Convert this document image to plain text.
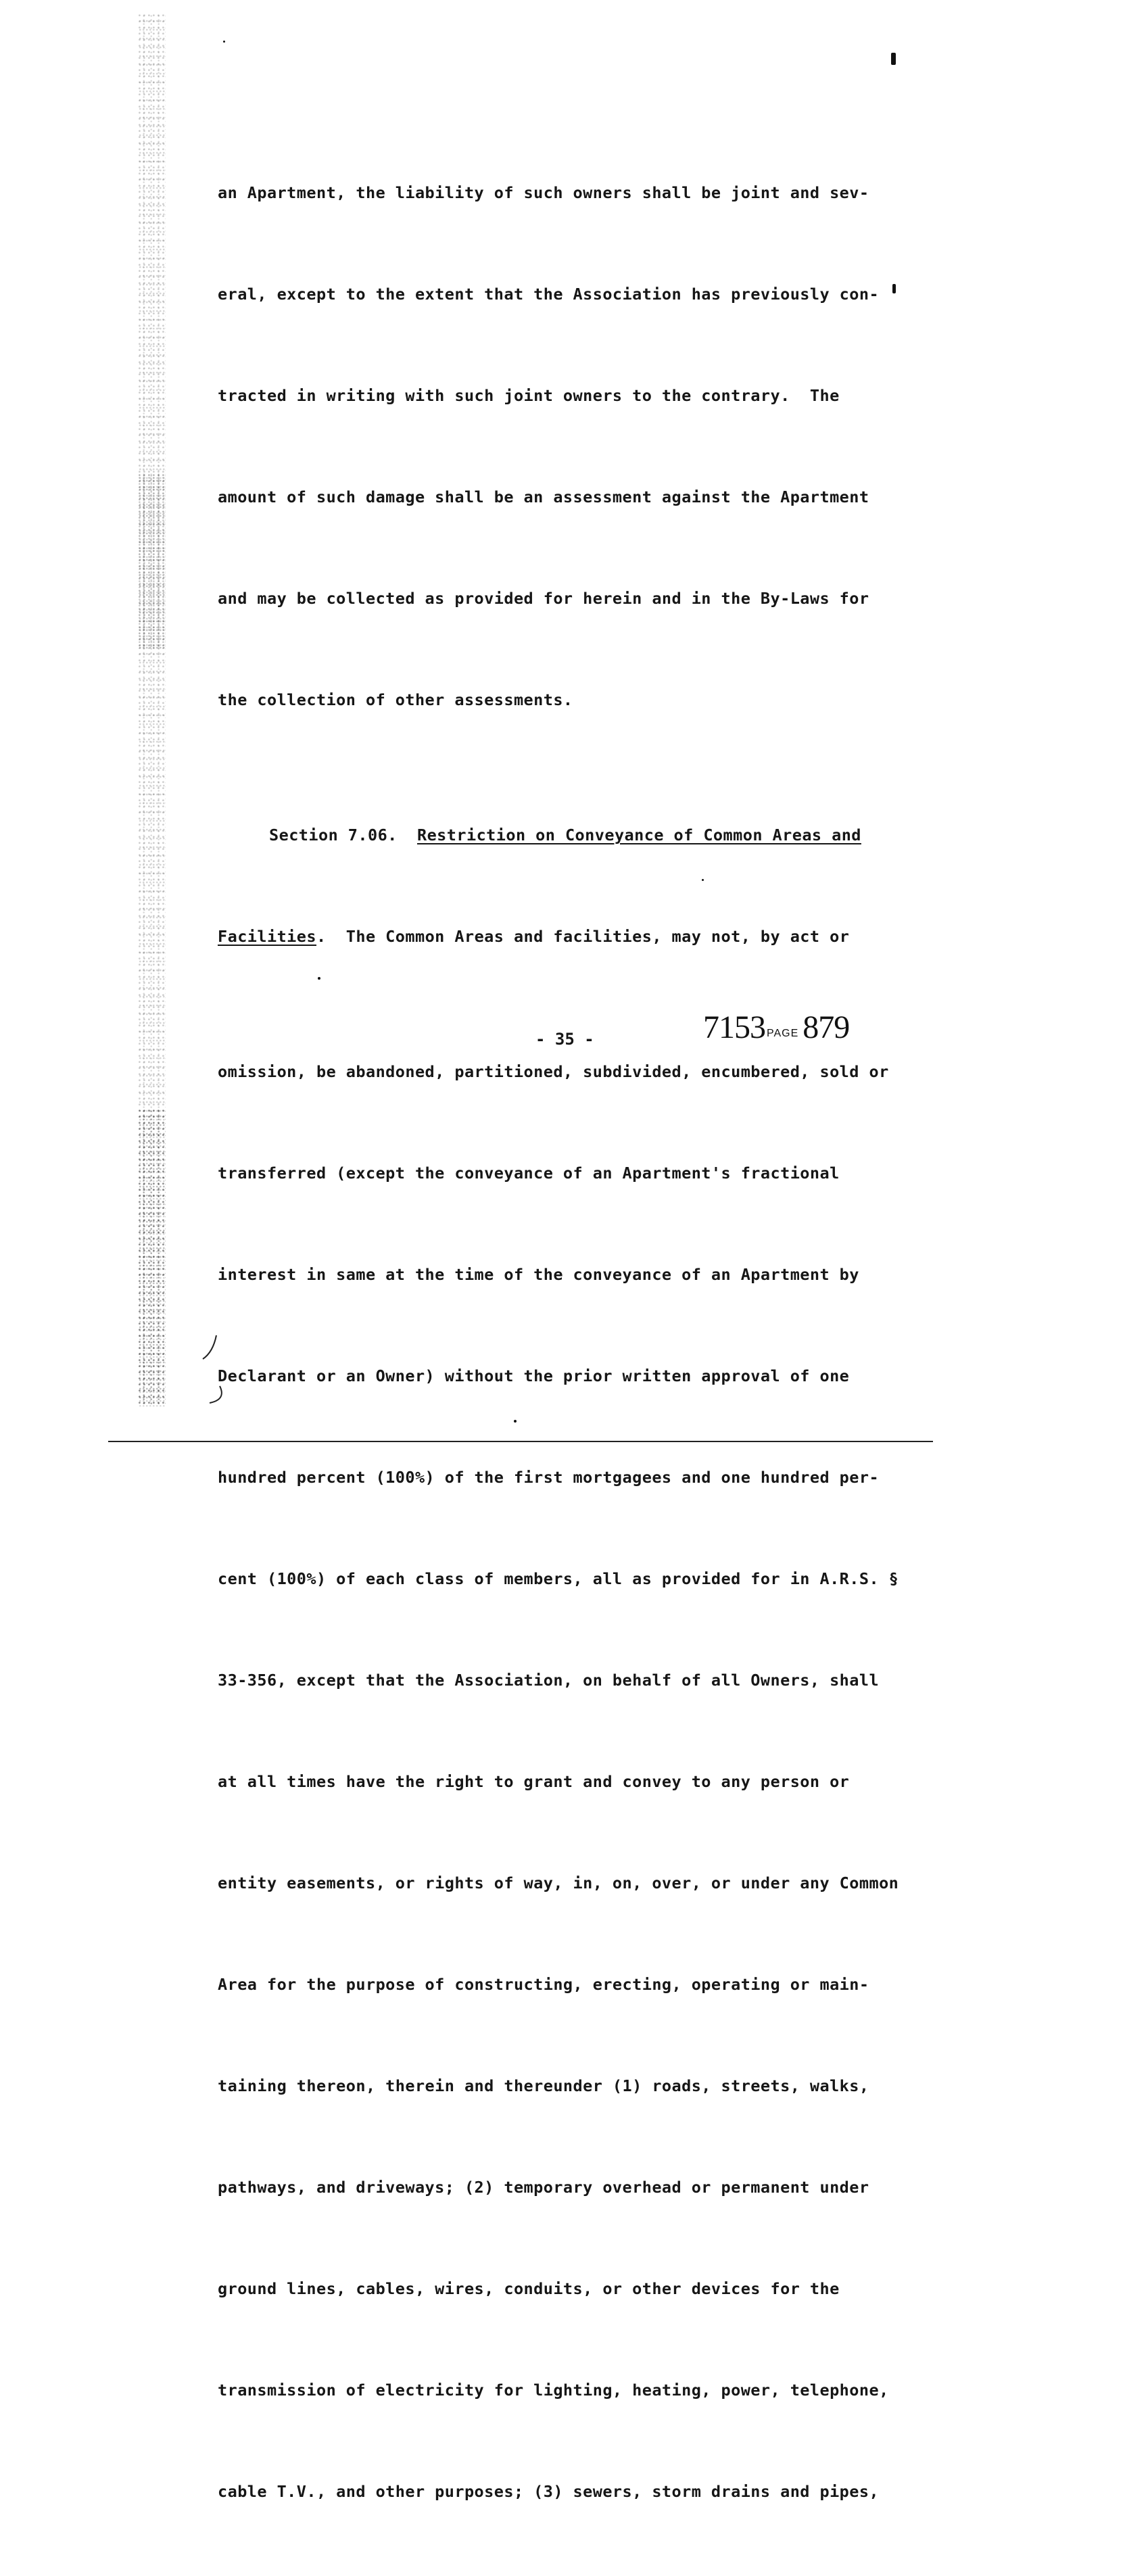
an Apartment, the liability of such owners shall be joint and sev-

eral, except to the extent that the Association has previously con-

tracted in writing with such joint owners to the contrary.  The

amount of such damage shall be an assessment against the Apartment

and may be collected as provided for herein and in the By-Laws for

the collection of other assessments.

Section 7.06. Restriction on Conveyance of Common Areas and

Facilities.  The Common Areas and facilities, may not, by act or

omission, be abandoned, partitioned, subdivided, encumbered, sold or

transferred (except the conveyance of an Apartment's fractional

interest in same at the time of the conveyance of an Apartment by

Declarant or an Owner) without the prior written approval of one

hundred percent (100%) of the first mortgagees and one hundred per-

cent (100%) of each class of members, all as provided for in A.R.S. §

33-356, except that the Association, on behalf of all Owners, shall

at all times have the right to grant and convey to any person or

entity easements, or rights of way, in, on, over, or under any Common

Area for the purpose of constructing, erecting, operating or main-

taining thereon, therein and thereunder (1) roads, streets, walks,

pathways, and driveways; (2) temporary overhead or permanent under

ground lines, cables, wires, conduits, or other devices for the

transmission of electricity for lighting, heating, power, telephone,

cable T.V., and other purposes; (3) sewers, storm drains and pipes,

- 35 -	7153 PAGE 879
